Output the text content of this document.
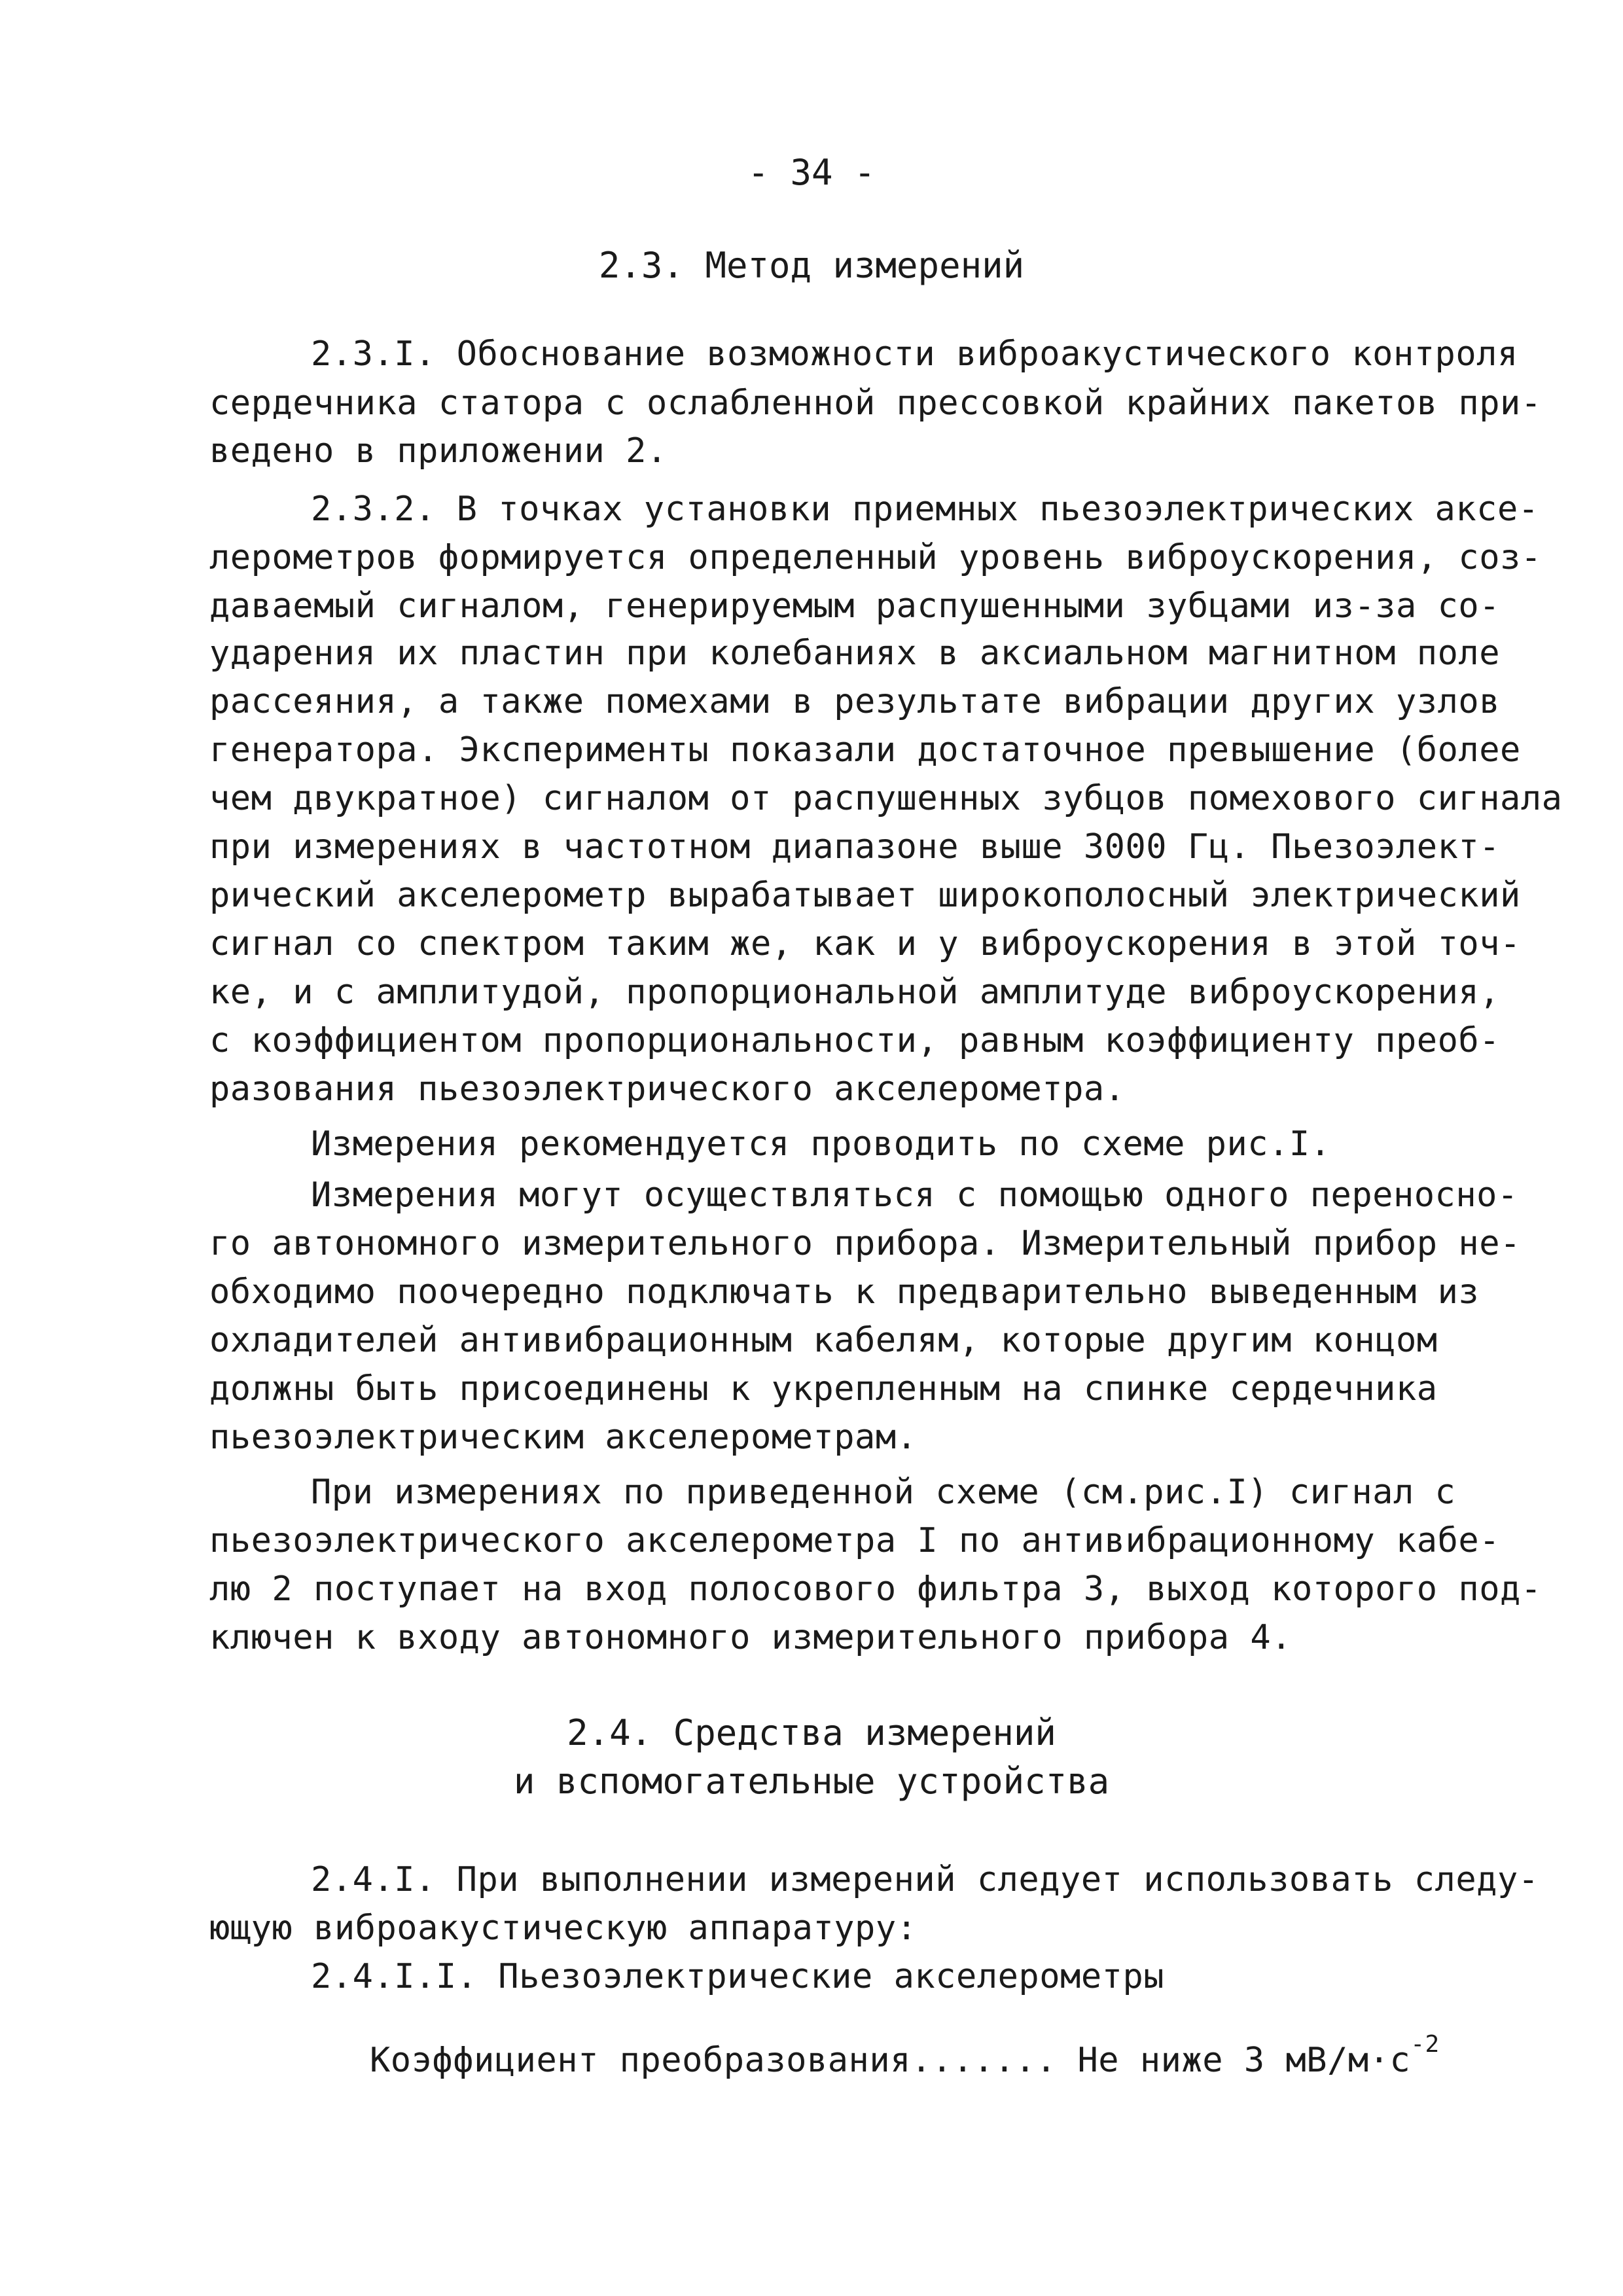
- 34 -
2.3. Метод измерений
2.3.I. Обоснование возможности виброакустического контроля
сердечника статора с ослабленной прессовкой крайних пакетов при-
ведено в приложении 2.
2.3.2. В точках установки приемных пьезоэлектрических аксе-
лерометров формируется определенный уровень виброускорения, соз-
даваемый сигналом, генерируемым распушенными зубцами из-за со-
ударения их пластин при колебаниях в аксиальном магнитном поле
рассеяния, а также помехами в результате вибрации других узлов
генератора. Эксперименты показали достаточное превышение (более
чем двукратное) сигналом от распушенных зубцов помехового сигнала
при измерениях в частотном диапазоне выше 3000 Гц. Пьезоэлект-
рический акселерометр вырабатывает широкополосный электрический
сигнал со спектром таким же, как и у виброускорения в этой точ-
ке, и с амплитудой, пропорциональной амплитуде виброускорения,
с коэффициентом пропорциональности, равным коэффициенту преоб-
разования пьезоэлектрического акселерометра.
Измерения рекомендуется проводить по схеме рис.I.
Измерения могут осуществляться с помощью одного переносно-
го автономного измерительного прибора. Измерительный прибор не-
обходимо поочередно подключать к предварительно выведенным из
охладителей антивибрационным кабелям, которые другим концом
должны быть присоединены к укрепленным на спинке сердечника
пьезоэлектрическим акселерометрам.
При измерениях по приведенной схеме (см.рис.I) сигнал с
пьезоэлектрического акселерометра I по антивибрационному кабе-
лю 2 поступает на вход полосового фильтра 3, выход которого под-
ключен к входу автономного измерительного прибора 4.
2.4. Средства измерений
и вспомогательные устройства
2.4.I. При выполнении измерений следует использовать следу-
ющую виброакустическую аппаратуру:
2.4.I.I. Пьезоэлектрические акселерометры
Коэффициент преобразования....... Не ниже 3 $мВ/м\cdot с^{-2}$
